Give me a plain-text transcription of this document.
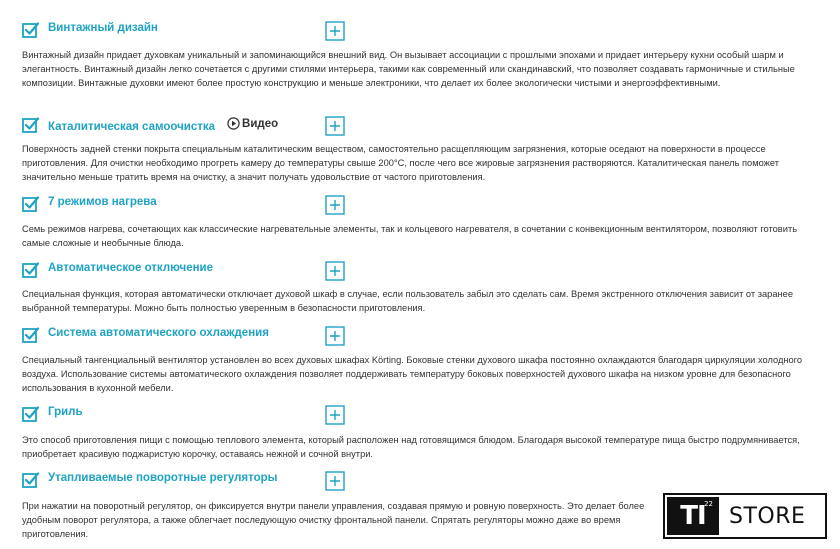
Винтажный дизайн
Винтажный дизайн придает духовкам уникальный и запоминающийся внешний вид. Он вызывает ассоциации с прошлыми эпохами и придает интерьеру кухни особый шарм и элегантность. Винтажный дизайн легко сочетается с другими стилями интерьера, такими как современный или скандинавский, что позволяет создавать гармоничные и стильные композиции. Винтажные духовки имеют более простую конструкцию и меньше электроники, что делает их более экологически чистыми и энергоэффективными.
Каталитическая самоочистка Видео
Поверхность задней стенки покрыта специальным каталитическим веществом, самостоятельно расщепляющим загрязнения, которые оседают на поверхности в процессе приготовления. Для очистки необходимо прогреть камеру до температуры свыше 200°С, после чего все жировые загрязнения растворяются. Каталитическая панель поможет значительно меньше тратить время на очистку, а значит получать удовольствие от частого приготовления.
7 режимов нагрева
Семь режимов нагрева, сочетающих как классические нагревательные элементы, так и кольцевого нагревателя, в сочетании с конвекционным вентилятором, позволяют готовить самые сложные и необычные блюда.
Автоматическое отключение
Специальная функция, которая автоматически отключает духовой шкаф в случае, если пользователь забыл это сделать сам. Время экстренного отключения зависит от заранее выбранной температуры. Можно быть полностью уверенным в безопасности приготовления.
Система автоматического охлаждения
Специальный тангенциальный вентилятор установлен во всех духовых шкафах Körting. Боковые стенки духового шкафа постоянно охлаждаются благодаря циркуляции холодного воздуха. Использование системы автоматического охлаждения позволяет поддерживать температуру боковых поверхностей духового шкафа на низком уровне для безопасного использования в кухонной мебели.
Гриль
Это способ приготовления пищи с помощью теплового элемента, который расположен над готовящимся блюдом. Благодаря высокой температуре пища быстро подрумянивается, приобретает красивую поджаристую корочку, оставаясь нежной и сочной внутри.
Утапливаемые поворотные регуляторы
При нажатии на поворотный регулятор, он фиксируется внутри панели управления, создавая прямую и ровную поверхность. Это делает более удобным поворот регулятора, а также облегчает последующую очистку фронтальной панели. Спрятать регуляторы можно даже во время приготовления.
TI
22 STORE
